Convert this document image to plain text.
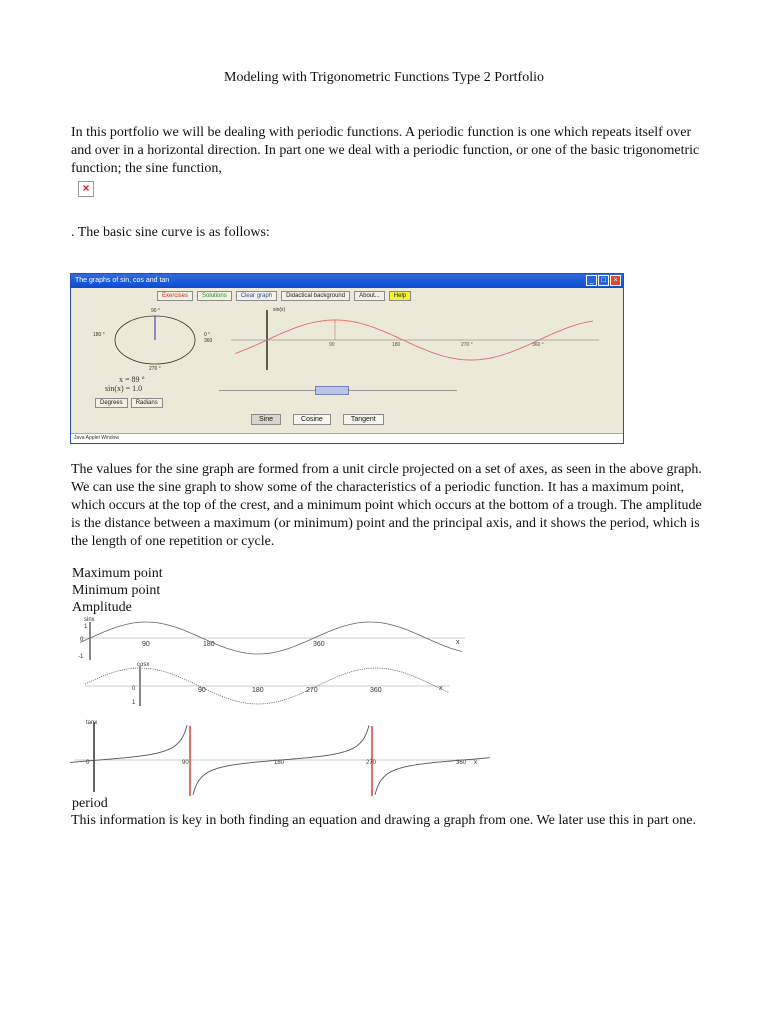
Modeling with Trigonometric Functions Type 2 Portfolio
In this portfolio we will be dealing with periodic functions. A periodic function is one which repeats itself over and over in a horizontal direction. In part one we deal with a periodic function, or one of the basic trigonometric function; the sine function,
×
. The basic sine curve is as follows:
The graphs of sin, cos and tan	_	□	×
Exercises	Solutions	Clear graph	Didactical background	About...	Help
90 °
180 °	0 °
360
270 °
sin(x)
90	180	270 °	360 °
x = 89 °
sin(x) = 1.0
Degrees	Radians
Sine	Cosine	Tangent
Java Applet Window
The values for the sine graph are formed from a unit circle projected on a set of axes, as seen in the above graph. We can use the sine graph to show some of the characteristics of a periodic function. It has a maximum point, which occurs at the top of the crest, and a minimum point which occurs at the bottom of a trough. The amplitude is the distance between a maximum (or minimum) point and the principal axis, and it shows the period, which is the length of one repetition or cycle.
Maximum point
Minimum point
Amplitude
sinx
1
0
-1
90	180	360	x
cosx
0
1
90	180	270	360	x
tanx
0	90	180	270	360 x
period
This information is key in both finding an equation and drawing a graph from one. We later use this in part one.
